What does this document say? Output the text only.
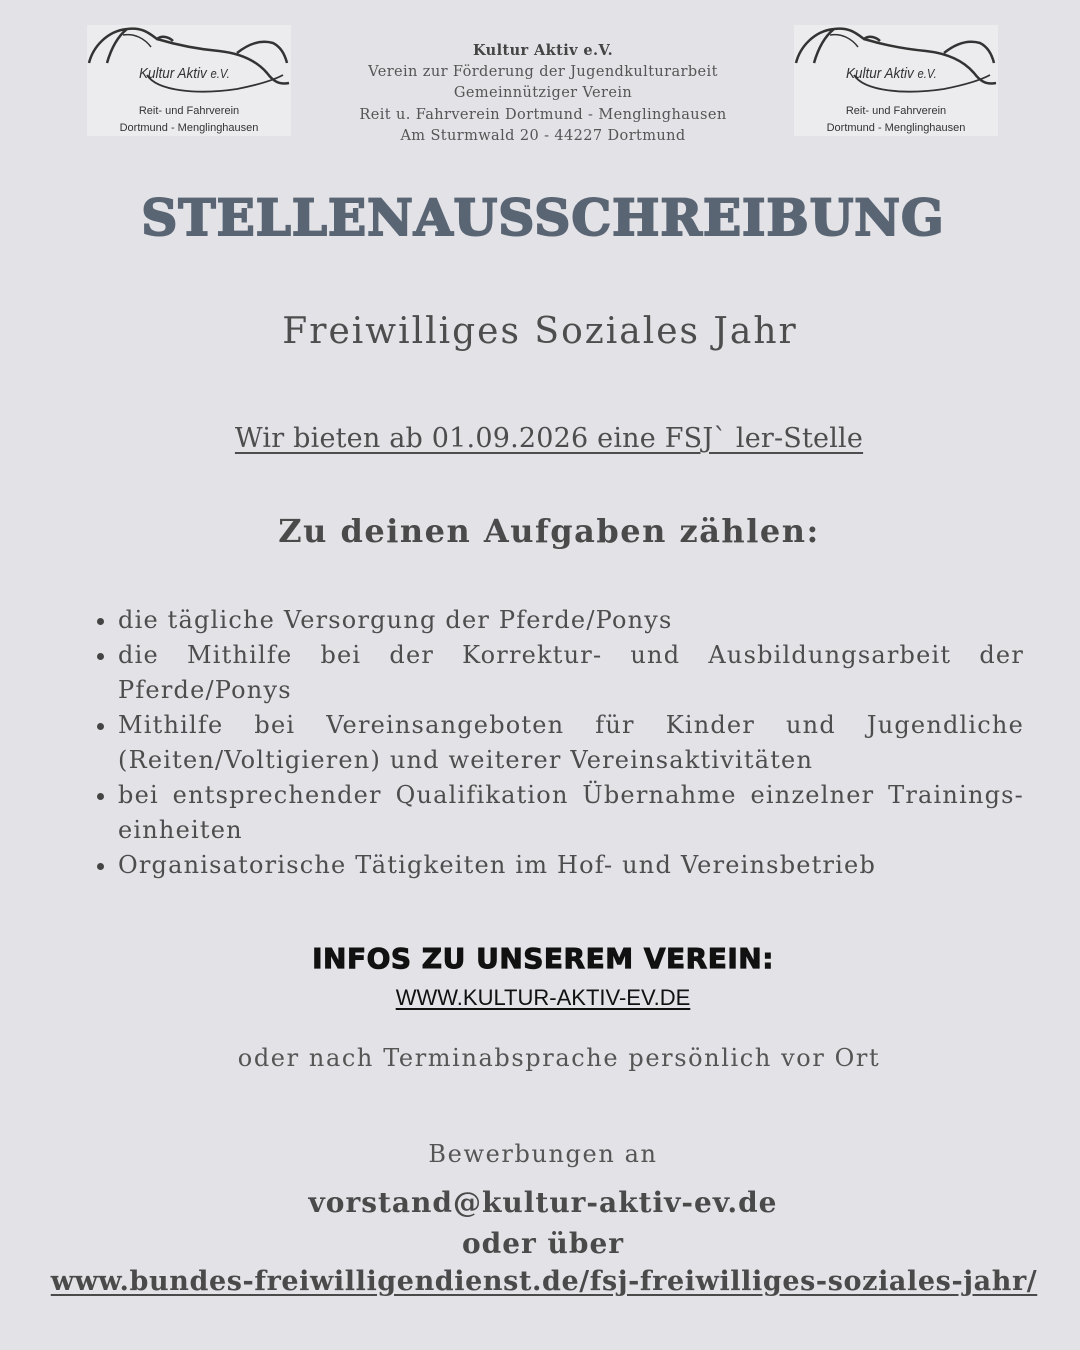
Kultur Aktiv e.V.
Reit- und Fahrverein
Dortmund - Menglinghausen
Kultur Aktiv e.V.
Verein zur Förderung der Jugendkulturarbeit
Gemeinnütziger Verein
Reit u. Fahrverein Dortmund - Menglinghausen
Am Sturmwald 20 - 44227 Dortmund
Kultur Aktiv e.V.
Reit- und Fahrverein
Dortmund - Menglinghausen
STELLENAUSSCHREIBUNG
Freiwilliges Soziales Jahr
Wir bieten ab 01.09.2026 eine FSJ` ler-Stelle
Zu deinen Aufgaben zählen:
die tägliche Versorgung der Pferde/Ponys
die Mithilfe bei der Korrektur- und Ausbildungsarbeit der Pferde/Ponys
Mithilfe bei Vereinsangeboten für Kinder und Jugendliche (Reiten/Voltigieren) und weiterer Vereinsaktivitäten
bei entsprechender Qualifikation Übernahme einzelner Trainings-einheiten
Organisatorische Tätigkeiten im Hof- und Vereinsbetrieb
INFOS ZU UNSEREM VEREIN:
WWW.KULTUR-AKTIV-EV.DE
oder nach Terminabsprache persönlich vor Ort
Bewerbungen an
vorstand@kultur-aktiv-ev.de
oder über
www.bundes-freiwilligendienst.de/fsj-freiwilliges-soziales-jahr/
